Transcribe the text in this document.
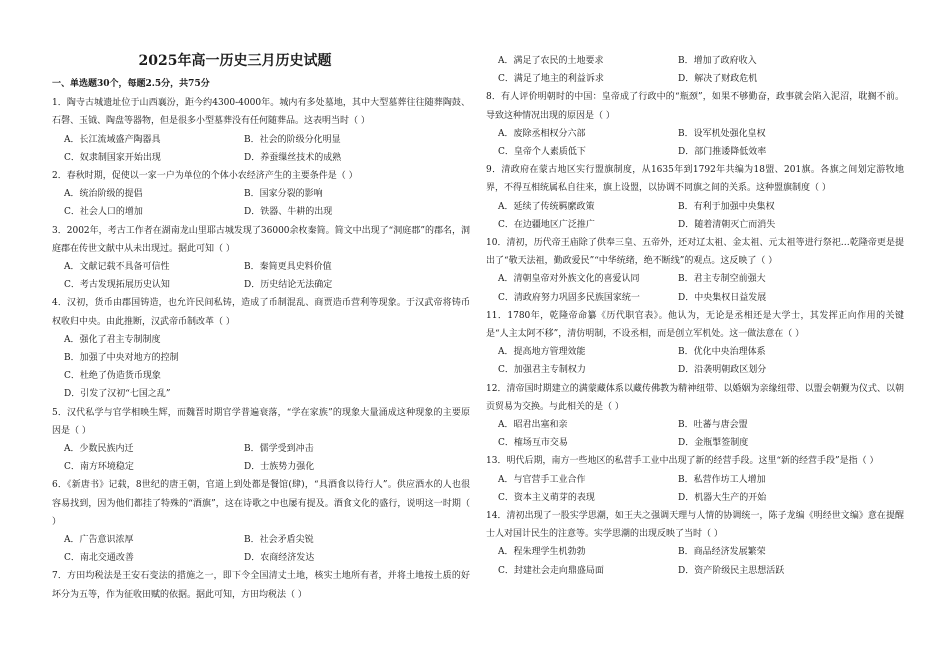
2025年高一历史三月历史试题
一、单选题30个，每题2.5分，共75分
1．陶寺古城遗址位于山西襄汾，距今约4300-4000年。城内有多处墓地，其中大型墓葬往往随葬陶鼓、石磬、玉钺、陶盘等器物，但是很多小型墓葬没有任何随葬品。这表明当时（ ）
A．长江流域盛产陶器具	B．社会的阶级分化明显
C．奴隶制国家开始出现	D．养蚕缫丝技术的成熟
2．春秋时期，促使以一家一户为单位的个体小农经济产生的主要条件是（ ）
A．统治阶级的提倡	B．国家分裂的影响
C．社会人口的增加	D．铁器、牛耕的出现
3．2002年，考古工作者在湖南龙山里耶古城发现了36000余枚秦简。简文中出现了“洞庭郡”的郡名，洞庭郡在传世文献中从未出现过。据此可知（ ）
A．文献记载不具备可信性	B．秦简更具史料价值
C．考古发现拓展历史认知	D．历史结论无法确定
4．汉初，货币由郡国铸造，也允许民间私铸，造成了币制混乱、商贾造币营利等现象。于汉武帝将铸币权收归中央。由此推断，汉武帝币制改革（ ）
A．强化了君主专制制度
B．加强了中央对地方的控制
C．杜绝了伪造货币现象
D．引发了汉初“七国之乱”
5．汉代私学与官学相映生辉，而魏晋时期官学普遍衰落，“学在家族”的现象大量涌成这种现象的主要原因是（ ）
A．少数民族内迁	B．儒学受到冲击
C．南方环境稳定	D．士族势力强化
6．《新唐书》记载，8世纪的唐王朝，官道上到处都是餐馆(肆)，“具酒食以待行人”。供应酒水的人也很容易找到，因为他们都挂了特殊的“酒旗”，这在诗歌之中也屡有提及。酒食文化的盛行，说明这一时期（ ）
A．广告意识浓厚	B．社会矛盾尖锐
C．南北交通改善	D．农商经济发达
7．方田均税法是王安石变法的措施之一，即下令全国清丈土地，核实土地所有者，并将土地按土质的好坏分为五等，作为征收田赋的依据。据此可知，方田均税法（ ）
A．满足了农民的土地要求	B．增加了政府收入
C．满足了地主的利益诉求	D．解决了财政危机
8．有人评价明朝时的中国：皇帝成了行政中的“瓶颈”，如果不够勤奋，政事就会陷入泥沼，耽搁不前。导致这种情况出现的原因是（ ）
A．废除丞相权分六部	B．设军机处强化皇权
C．皇帝个人素质低下	D．部门推诿降低效率
9．清政府在蒙古地区实行盟旗制度，从1635年到1792年共编为18盟、201旗。各旗之间划定游牧地界，不得互相统属私自往来，旗上设盟，以协调不同旗之间的关系。这种盟旗制度（ ）
A．延续了传统羁縻政策	B．有利于加强中央集权
C．在边疆地区广泛推广	D．随着清朝灭亡而消失
10．清初，历代帝王庙除了供奉三皇、五帝外，还对辽太祖、金太祖、元太祖等进行祭祀…乾隆帝更是提出了“敬天法祖，勤政爱民”“中华统绪，绝不断线”的观点。这反映了（ ）
A．清朝皇帝对外族文化的喜爱认同	B．君主专制空前强大
C．清政府努力巩固多民族国家统一	D．中央集权日益发展
11．1780年，乾隆帝命纂《历代职官表》。他认为，无论是丞相还是大学士，其发挥正向作用的关键是“人主太阿不移”，清仿明制，不设丞相，而是创立军机处。这一做法意在（ ）
A．提高地方管理效能	B．优化中央治理体系
C．加强君主专制权力	D．沿袭明朝政区划分
12．清帝国时期建立的满蒙藏体系以藏传佛教为精神纽带、以婚姻为亲缘纽带、以盟会朝觐为仪式、以朝贡贸易为交换。与此相关的是（ ）
A．昭君出塞和亲	B．吐蕃与唐会盟
C．榷场互市交易	D．金瓶掣签制度
13．明代后期，南方一些地区的私营手工业中出现了新的经营手段。这里“新的经营手段”是指（ ）
A．与官营手工业合作	B．私营作坊工人增加
C．资本主义萌芽的表现	D．机器大生产的开始
14．清初出现了一股实学思潮，如王夫之强调天理与人情的协调统一，陈子龙编《明经世文编》意在提醒士人对国计民生的注意等。实学思潮的出现反映了当时（ ）
A．程朱理学生机勃勃	B．商品经济发展繁荣
C．封建社会走向鼎盛局面	D．资产阶级民主思想活跃
